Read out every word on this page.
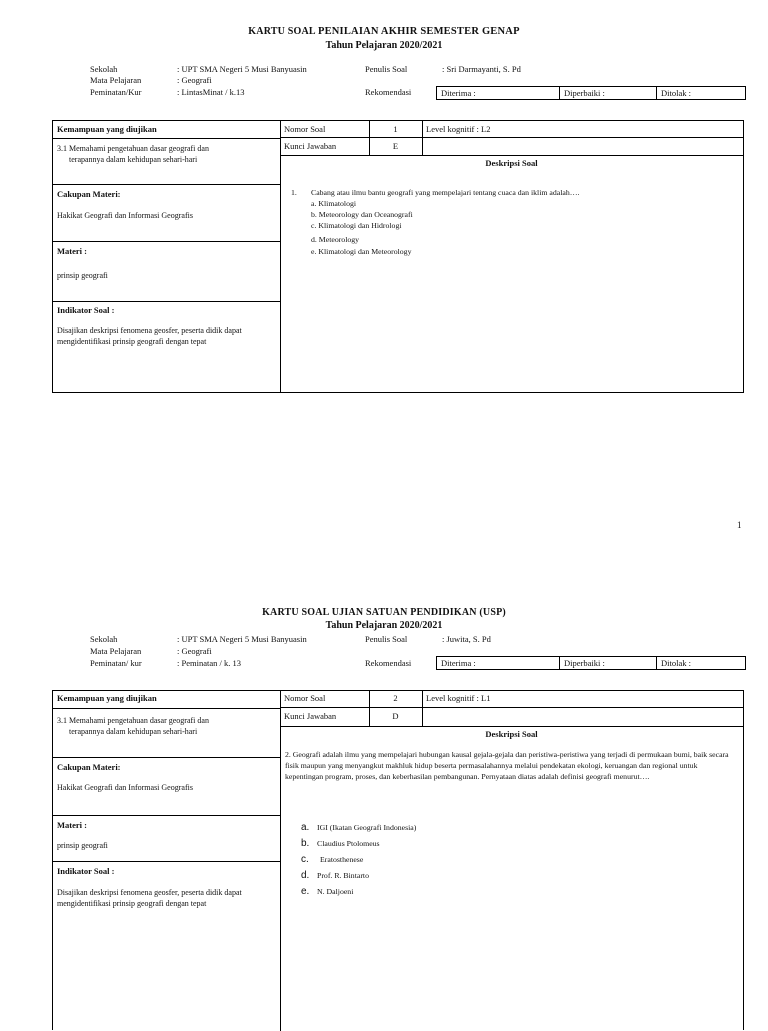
KARTU SOAL PENILAIAN AKHIR SEMESTER GENAP
Tahun Pelajaran 2020/2021
Sekolah	: UPT SMA Negeri 5 Musi Banyuasin
Mata Pelajaran	: Geografi
Peminatan/Kur	: LintasMinat / k.13
Penulis Soal	: Sri Darmayanti, S. Pd
Rekomendasi	Diterima :	Diperbaiki :	Ditolak :
Kemampuan yang diujikan
3.1 Memahami pengetahuan dasar geografi dan
terapannya dalam kehidupan sehari-hari
Cakupan Materi:
Hakikat Geografi dan Informasi Geografis
Materi :
prinsip geografi
Indikator Soal :
Disajikan deskripsi fenomena geosfer, peserta didik dapat mengidentifikasi prinsip geografi dengan tepat
Nomor Soal	1	Level kognitif : L2
Kunci Jawaban	E
Deskripsi Soal
1. Cabang atau ilmu bantu geografi yang mempelajari tentang cuaca dan iklim adalah….
a. Klimatologi
b. Meteorology dan Oceanografi
c. Klimatologi dan Hidrologi
d. Meteorology
e. Klimatologi dan Meteorology
1
KARTU SOAL UJIAN SATUAN PENDIDIKAN (USP)
Tahun Pelajaran 2020/2021
Sekolah	: UPT SMA Negeri 5 Musi Banyuasin
Mata Pelajaran	: Geografi
Peminatan/ kur	: Peminatan / k. 13
Penulis Soal	: Juwita, S. Pd
Rekomendasi	Diterima :	Diperbaiki :	Ditolak :
Kemampuan yang diujikan
3.1 Memahami pengetahuan dasar geografi dan
terapannya dalam kehidupan sehari-hari
Cakupan Materi:
Hakikat Geografi dan Informasi Geografis
Materi :
prinsip geografi
Indikator Soal :
Disajikan deskripsi fenomena geosfer, peserta didik dapat mengidentifikasi prinsip geografi dengan tepat
Nomor Soal	2	Level kognitif : L1
Kunci Jawaban	D
Deskripsi Soal
2. Geografi adalah ilmu yang mempelajari hubungan kausal gejala-gejala dan peristiwa-peristiwa yang terjadi di permukaan bumi, baik secara fisik maupun yang menyangkut makhluk hidup beserta permasalahannya melalui pendekatan ekologi, keruangan dan regional untuk kepentingan program, proses, dan keberhasilan pembangunan. Pernyataan diatas adalah definisi geografi menurut….
a. IGI (Ikatan Geografi Indonesia)
b. Claudius Ptolomeus
c. Eratosthenese
d. Prof. R. Bintarto
e. N. Daljoeni
